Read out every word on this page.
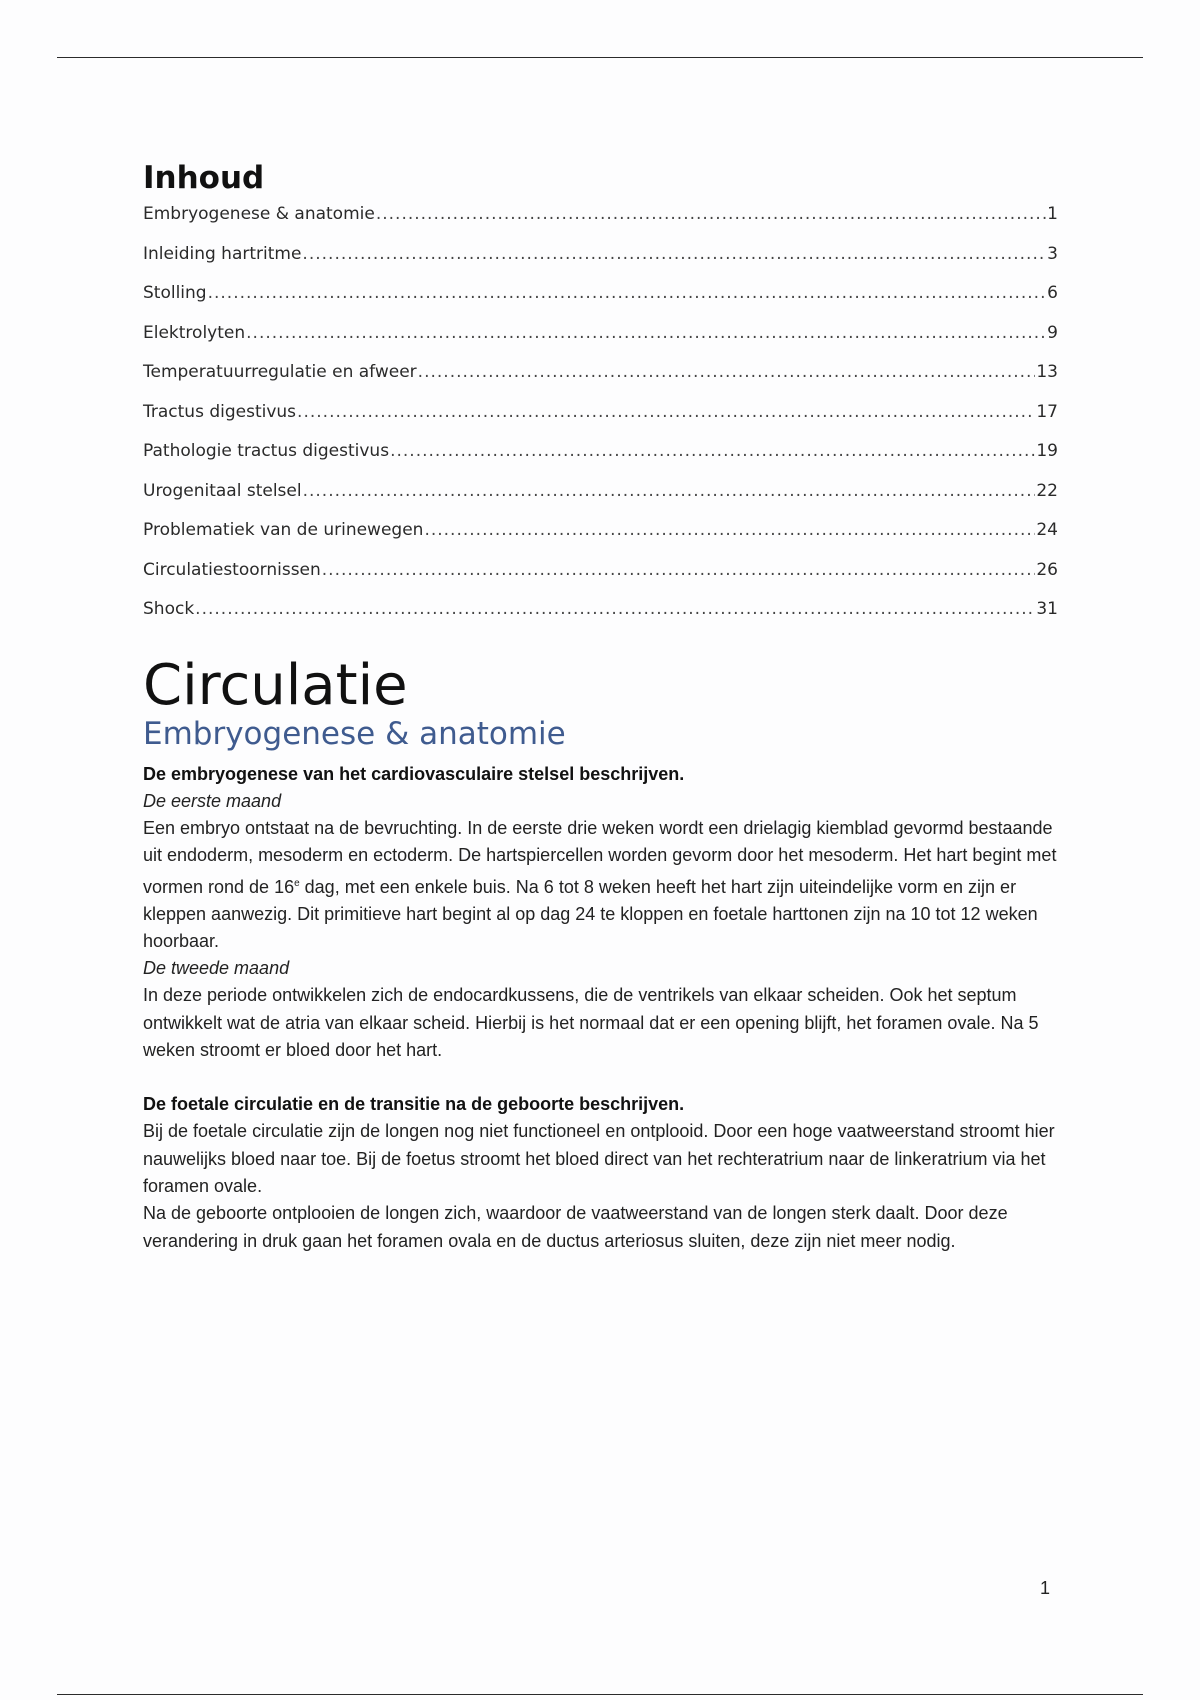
Inhoud
Embryogenese & anatomie .....	1
Inleiding hartritme .....	3
Stolling .....	6
Elektrolyten .....	9
Temperatuurregulatie en afweer .....	13
Tractus digestivus .....	17
Pathologie tractus digestivus .....	19
Urogenitaal stelsel .....	22
Problematiek van de urinewegen .....	24
Circulatiestoornissen .....	26
Shock .....	31
Circulatie
Embryogenese & anatomie

De embryogenese van het cardiovasculaire stelsel beschrijven.

De eerste maand

Een embryo ontstaat na de bevruchting. In de eerste drie weken wordt een drielagig kiemblad gevormd bestaande uit endoderm, mesoderm en ectoderm. De hartspiercellen worden gevorm door het mesoderm. Het hart begint met vormen rond de 16e dag, met een enkele buis. Na 6 tot 8 weken heeft het hart zijn uiteindelijke vorm en zijn er kleppen aanwezig. Dit primitieve hart begint al op dag 24 te kloppen en foetale harttonen zijn na 10 tot 12 weken hoorbaar.

De tweede maand

In deze periode ontwikkelen zich de endocardkussens, die de ventrikels van elkaar scheiden. Ook het septum ontwikkelt wat de atria van elkaar scheid. Hierbij is het normaal dat er een opening blijft, het foramen ovale. Na 5 weken stroomt er bloed door het hart.

De foetale circulatie en de transitie na de geboorte beschrijven.

Bij de foetale circulatie zijn de longen nog niet functioneel en ontplooid. Door een hoge vaatweerstand stroomt hier nauwelijks bloed naar toe. Bij de foetus stroomt het bloed direct van het rechteratrium naar de linkeratrium via het foramen ovale.

Na de geboorte ontplooien de longen zich, waardoor de vaatweerstand van de longen sterk daalt. Door deze verandering in druk gaan het foramen ovala en de ductus arteriosus sluiten, deze zijn niet meer nodig.

1
